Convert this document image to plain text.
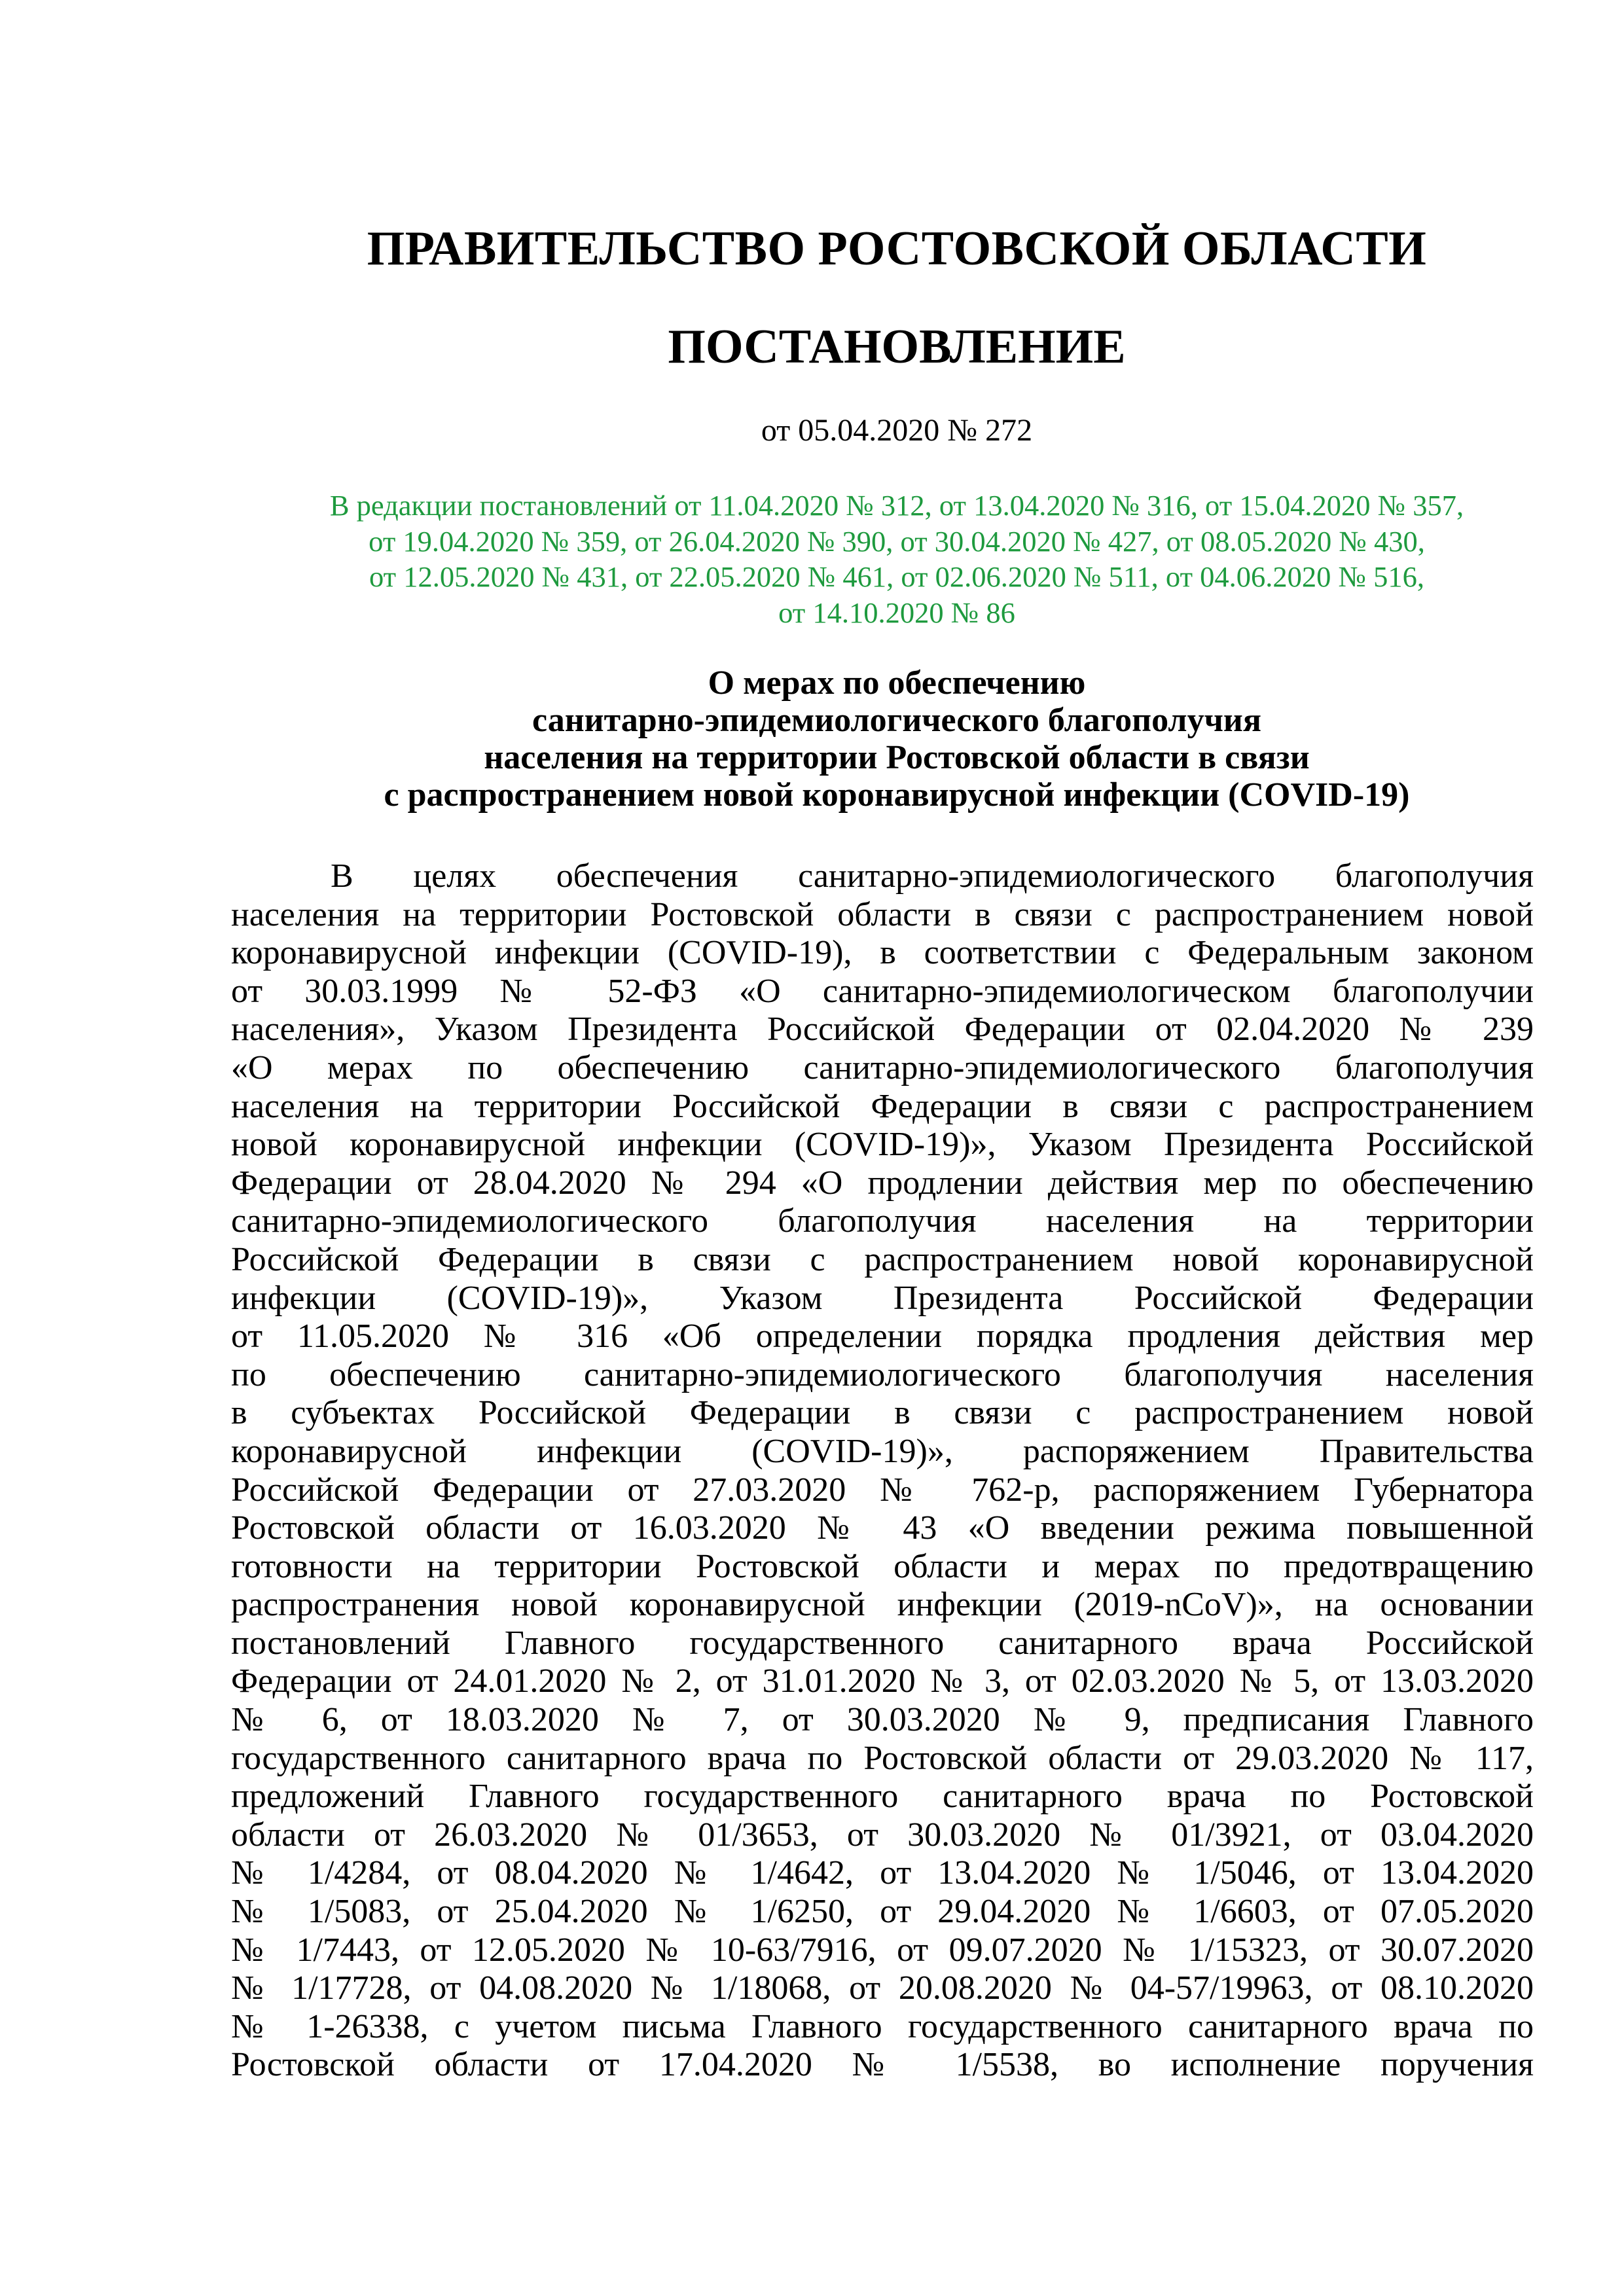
ПРАВИТЕЛЬСТВО РОСТОВСКОЙ ОБЛАСТИ
ПОСТАНОВЛЕНИЕ
от 05.04.2020 № 272
В редакции постановлений от 11.04.2020 № 312, от 13.04.2020 № 316, от 15.04.2020 № 357,
от 19.04.2020 № 359, от 26.04.2020 № 390, от 30.04.2020 № 427, от 08.05.2020 № 430,
от 12.05.2020 № 431, от 22.05.2020 № 461, от 02.06.2020 № 511, от 04.06.2020 № 516,
от 14.10.2020 № 86
О мерах по обеспечению
санитарно-эпидемиологического благополучия
населения на территории Ростовской области в связи
с распространением новой коронавирусной инфекции (COVID-19)
В целях обеспечения санитарно-эпидемиологического благополучия
населения на территории Ростовской области в связи с распространением новой
коронавирусной инфекции (COVID-19), в соответствии с Федеральным законом
от 30.03.1999 № 52-ФЗ «О санитарно-эпидемиологическом благополучии
населения», Указом Президента Российской Федерации от 02.04.2020 № 239
«О мерах по обеспечению санитарно-эпидемиологического благополучия
населения на территории Российской Федерации в связи с распространением
новой коронавирусной инфекции (COVID-19)», Указом Президента Российской
Федерации от 28.04.2020 № 294 «О продлении действия мер по обеспечению
санитарно-эпидемиологического благополучия населения на территории
Российской Федерации в связи с распространением новой коронавирусной
инфекции (COVID-19)», Указом Президента Российской Федерации
от 11.05.2020 № 316 «Об определении порядка продления действия мер
по обеспечению санитарно-эпидемиологического благополучия населения
в субъектах Российской Федерации в связи с распространением новой
коронавирусной инфекции (COVID-19)», распоряжением Правительства
Российской Федерации от 27.03.2020 № 762-р, распоряжением Губернатора
Ростовской области от 16.03.2020 № 43 «О введении режима повышенной
готовности на территории Ростовской области и мерах по предотвращению
распространения новой коронавирусной инфекции (2019-nCoV)», на основании
постановлений Главного государственного санитарного врача Российской
Федерации от 24.01.2020 № 2, от 31.01.2020 № 3, от 02.03.2020 № 5, от 13.03.2020
№ 6, от 18.03.2020 № 7, от 30.03.2020 № 9, предписания Главного
государственного санитарного врача по Ростовской области от 29.03.2020 № 117,
предложений Главного государственного санитарного врача по Ростовской
области от 26.03.2020 № 01/3653, от 30.03.2020 № 01/3921, от 03.04.2020
№ 1/4284, от 08.04.2020 № 1/4642, от 13.04.2020 № 1/5046, от 13.04.2020
№ 1/5083, от 25.04.2020 № 1/6250, от 29.04.2020 № 1/6603, от 07.05.2020
№ 1/7443, от 12.05.2020 № 10-63/7916, от 09.07.2020 № 1/15323, от 30.07.2020
№ 1/17728, от 04.08.2020 № 1/18068, от 20.08.2020 № 04-57/19963, от 08.10.2020
№ 1-26338, с учетом письма Главного государственного санитарного врача по
Ростовской области от 17.04.2020 № 1/5538, во исполнение поручения
